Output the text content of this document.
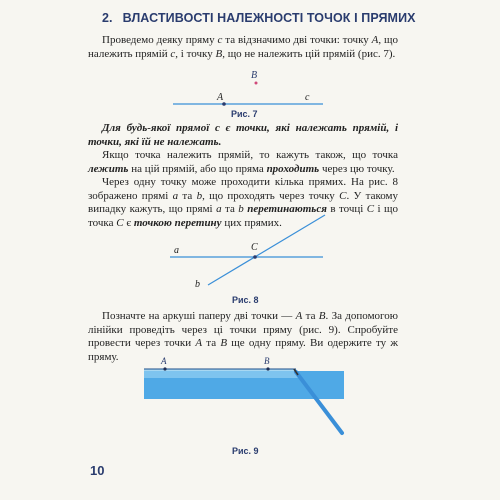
2. ВЛАСТИВОСТІ НАЛЕЖНОСТІ ТОЧОК І ПРЯМИХ

Проведемо деяку пряму c та відзначимо дві точки: точку A, що належить прямій c, і точку B, що не належить цій прямій (рис. 7).

A
B
c
Рис. 7

Для будь-якої прямої c є точки, які належать прямій, і точки, які їй не належать.

Якщо точка належить прямій, то кажуть також, що точка лежить на цій прямій, або що пряма проходить через цю точку.

Через одну точку може проходити кілька прямих. На рис. 8 зображено прямі a та b, що проходять через точку C. У такому випадку кажуть, що прямі a та b перетинаються в точці C і що точка C є точкою перетину цих прямих.

a	C
b
Рис. 8

Позначте на аркуші паперу дві точки — A та B. За допомогою лінійки проведіть через ці точки пряму (рис. 9). Спробуйте провести через точки A та B ще одну пряму. Ви одержите ту ж пряму.	A	B
Рис. 9
10
